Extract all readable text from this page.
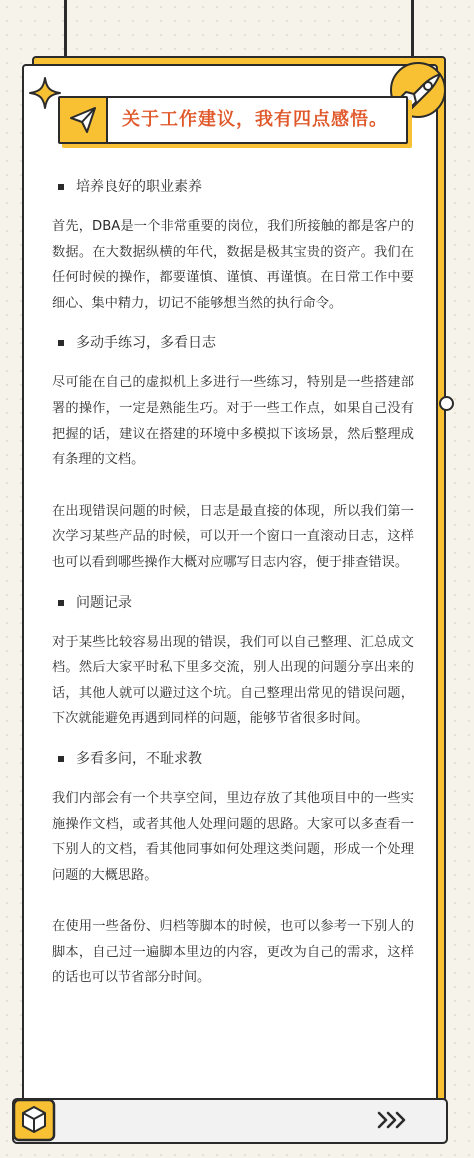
关于工作建议，我有四点感悟。
培养良好的职业素养

首先，DBA是一个非常重要的岗位，我们所接触的都是客户的数据。在大数据纵横的年代，数据是极其宝贵的资产。我们在任何时候的操作，都要谨慎、谨慎、再谨慎。在日常工作中要细心、集中精力，切记不能够想当然的执行命令。

多动手练习，多看日志

尽可能在自己的虚拟机上多进行一些练习，特别是一些搭建部署的操作，一定是熟能生巧。对于一些工作点，如果自己没有把握的话，建议在搭建的环境中多模拟下该场景，然后整理成有条理的文档。

在出现错误问题的时候，日志是最直接的体现，所以我们第一次学习某些产品的时候，可以开一个窗口一直滚动日志，这样也可以看到哪些操作大概对应哪写日志内容，便于排查错误。

问题记录

对于某些比较容易出现的错误，我们可以自己整理、汇总成文档。然后大家平时私下里多交流，别人出现的问题分享出来的话，其他人就可以避过这个坑。自己整理出常见的错误问题，下次就能避免再遇到同样的问题，能够节省很多时间。

多看多问，不耻求教

我们内部会有一个共享空间，里边存放了其他项目中的一些实施操作文档，或者其他人处理问题的思路。大家可以多查看一下别人的文档，看其他同事如何处理这类问题，形成一个处理问题的大概思路。

在使用一些备份、归档等脚本的时候，也可以参考一下别人的脚本，自己过一遍脚本里边的内容，更改为自己的需求，这样的话也可以节省部分时间。
